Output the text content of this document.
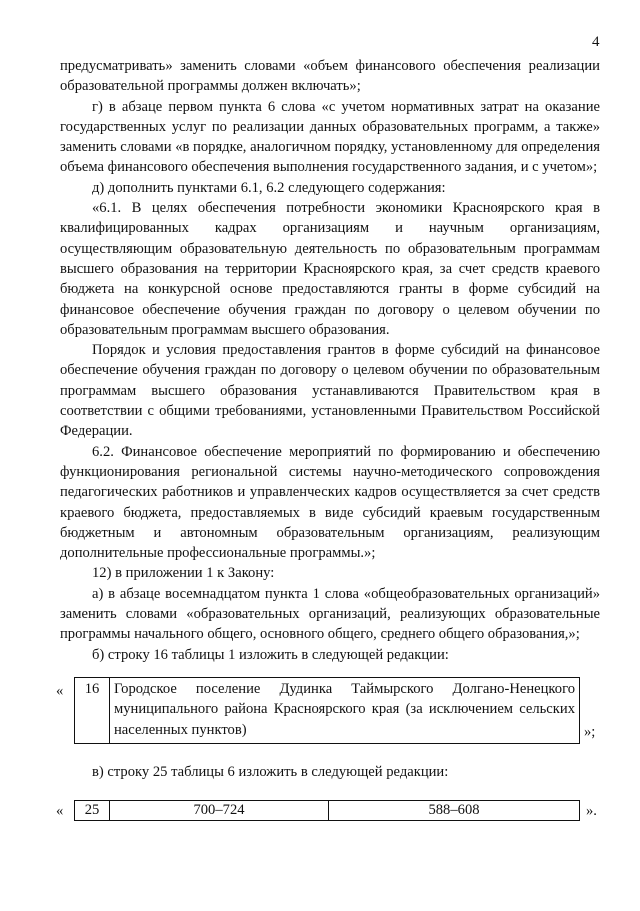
4

предусматривать» заменить словами «объем финансового обеспечения реализации образовательной программы должен включать»;

г) в абзаце первом пункта 6 слова «с учетом нормативных затрат на оказание государственных услуг по реализации данных образовательных программ, а также» заменить словами «в порядке, аналогичном порядку, установленному для определения объема финансового обеспечения выполнения государственного задания, и с учетом»;

д) дополнить пунктами 6.1, 6.2 следующего содержания:

«6.1. В целях обеспечения потребности экономики Красноярского края в квалифицированных кадрах организациям и научным организациям, осуществляющим образовательную деятельность по образовательным программам высшего образования на территории Красноярского края, за счет средств краевого бюджета на конкурсной основе предоставляются гранты в форме субсидий на финансовое обеспечение обучения граждан по договору о целевом обучении по образовательным программам высшего образования.

Порядок и условия предоставления грантов в форме субсидий на финансовое обеспечение обучения граждан по договору о целевом обучении по образовательным программам высшего образования устанавливаются Правительством края в соответствии с общими требованиями, установленными Правительством Российской Федерации.

6.2. Финансовое обеспечение мероприятий по формированию и обеспечению функционирования региональной системы научно-методического сопровождения педагогических работников и управленческих кадров осуществляется за счет средств краевого бюджета, предоставляемых в виде субсидий краевым государственным бюджетным и автономным образовательным организациям, реализующим дополнительные профессиональные программы.»;

12) в приложении 1 к Закону:

а) в абзаце восемнадцатом пункта 1 слова «общеобразовательных организаций» заменить словами «образовательных организаций, реализующих образовательные программы начального общего, основного общего, среднего общего образования,»;

б) строку 16 таблицы 1 изложить в следующей редакции:

« 16	Городское поселение Дудинка Таймырского Долгано-Ненецкого муниципального района Красноярского края (за исключением сельских населенных пунктов)	»;

в) строку 25 таблицы 6 изложить в следующей редакции:

« 25	700–724	588–608	».
